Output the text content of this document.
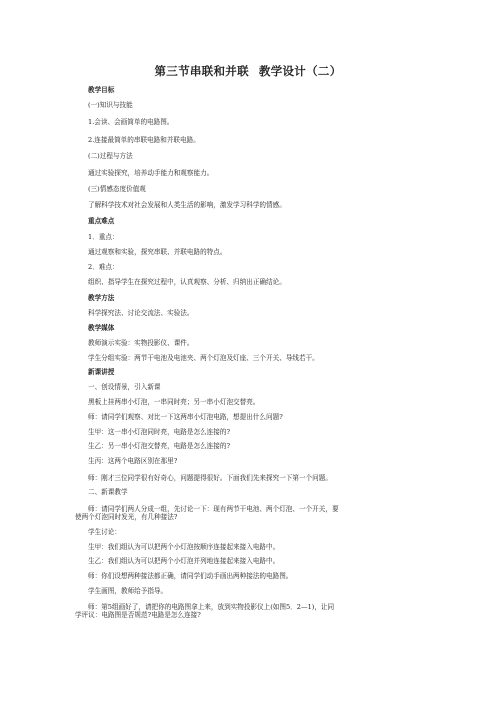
第三节串联和并联 教学设计（二）

教学目标

(一)知识与技能

1.会读、会画简单的电路图。

2.连接最简单的串联电路和并联电路。

(二)过程与方法

通过实验探究，培养动手能力和观察能力。

(三)情感态度价值观

了解科学技术对社会发展和人类生活的影响，激发学习科学的情感。

重点难点

1．重点：

通过观察和实验，探究串联、并联电路的特点。

2．难点：

组织、指导学生在探究过程中，认真观察、分析、归纳出正确结论。

教学方法

科学探究法、讨论交流法、实验法。

教学媒体

教师演示实验：实物投影仪、课件。

学生分组实验：两节干电池及电池夹、两个灯泡及灯座、三个开关、导线若干。

新课讲授

一、创设情景，引入新课

黑板上挂两串小灯泡，一串同时亮；另一串小灯泡交替亮。

师：请同学们观察、对比一下这两串小灯泡电路，想提出什么问题?

生甲：这一串小灯泡同时亮，电路是怎么连接的?

生乙：另一串小灯泡交替亮，电路是怎么连接的?

生丙：这两个电路区别在那里?

师：刚才三位同学很有好奇心，问题提得很好。下面我们先来探究一下第一个问题。

二、新课教学

师：请同学们两人分成一组，先讨论一下：现有两节干电池、两个灯泡、一个开关，要

使两个灯泡同时发光，有几种接法?

学生讨论：

生甲：我们组认为可以把两个小灯泡按顺序连接起来接入电路中。

生乙：我们组认为可以把两个小灯泡并列地连接起来接入电路中。

师：你们设想两种接法都正确，请同学们动手画出两种接法的电路图。

学生画图，教师给予指导。

师：第5组画好了，请把你的电路图拿上来，放到实物投影仪上(如图5．2—1)，让同

学评议：电路图是否规范?电路是怎么连接?
